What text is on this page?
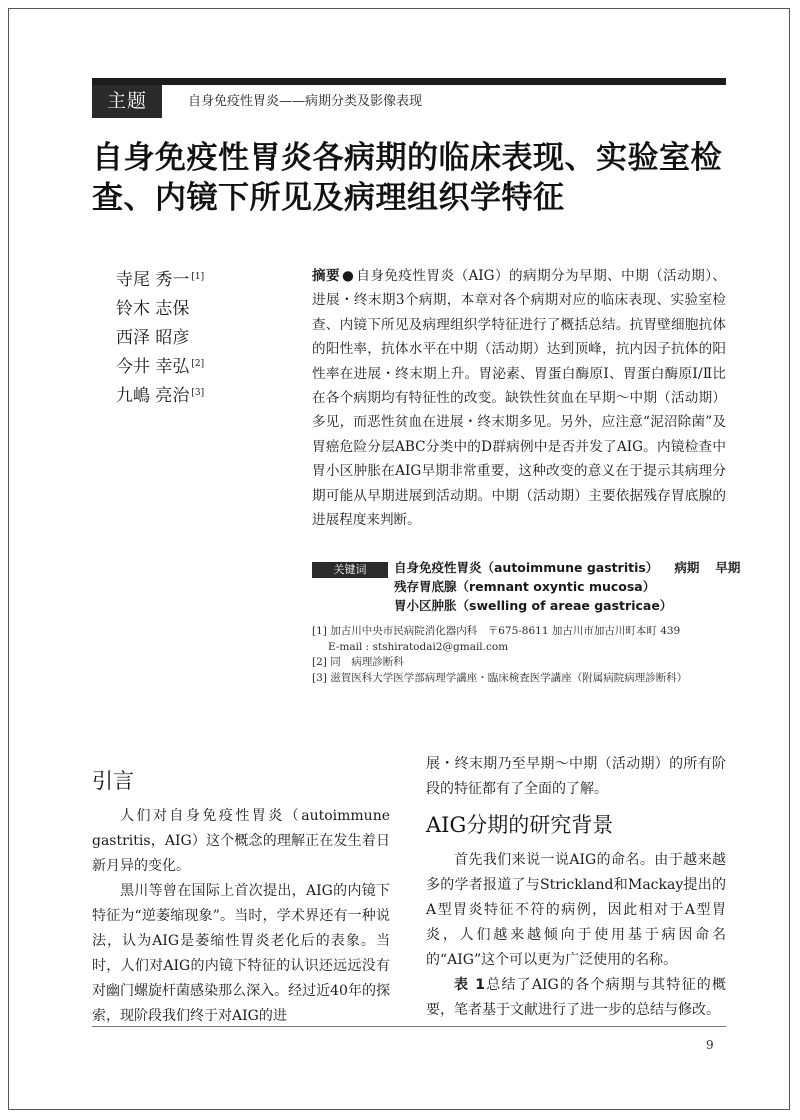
主题	自身免疫性胃炎——病期分类及影像表现
自身免疫性胃炎各病期的临床表现、实验室检查、内镜下所见及病理组织学特征
寺尾 秀一 [1]
铃木 志保
西泽 昭彦
今井 幸弘 [2]
九嶋 亮治 [3]
摘要 ● 自身免疫性胃炎（AIG）的病期分为早期、中期（活动期）、进展・终末期3个病期，本章对各个病期对应的临床表现、实验室检查、内镜下所见及病理组织学特征进行了概括总结。抗胃壁细胞抗体的阳性率，抗体水平在中期（活动期）达到顶峰，抗内因子抗体的阳性率在进展・终末期上升。胃泌素、胃蛋白酶原Ⅰ、胃蛋白酶原Ⅰ/Ⅱ比在各个病期均有特征性的改变。缺铁性贫血在早期～中期（活动期）多见，而恶性贫血在进展・终末期多见。另外，应注意“泥沼除菌”及胃癌危险分层ABC分类中的D群病例中是否并发了AIG。内镜检查中胃小区肿胀在AIG早期非常重要，这种改变的意义在于提示其病理分期可能从早期进展到活动期。中期（活动期）主要依据残存胃底腺的进展程度来判断。
关键词	自身免疫性胃炎（autoimmune gastritis） 病期 早期
残存胃底腺（remnant oxyntic mucosa）
胃小区肿胀（swelling of areae gastricae）
[1] 加古川中央市民病院消化器内科　〒675-8611 加古川市加古川町本町 439
E-mail : stshiratodai2@gmail.com
[2] 同　病理診断科
[3] 滋賀医科大学医学部病理学講座・臨床検査医学講座（附属病院病理診断科）
引言

人们对自身免疫性胃炎（autoimmune gastritis，AIG）这个概念的理解正在发生着日新月异的变化。

黑川等曾在国际上首次提出，AIG的内镜下特征为“逆萎缩现象”。当时，学术界还有一种说法，认为AIG是萎缩性胃炎老化后的表象。当时，人们对AIG的内镜下特征的认识还远远没有对幽门螺旋杆菌感染那么深入。经过近40年的探索，现阶段我们终于对AIG的进

展・终末期乃至早期～中期（活动期）的所有阶段的特征都有了全面的了解。

AIG分期的研究背景

首先我们来说一说AIG的命名。由于越来越多的学者报道了与Strickland和Mackay提出的A型胃炎特征不符的病例，因此相对于A型胃炎，人们越来越倾向于使用基于病因命名的“AIG”这个可以更为广泛使用的名称。

表 1总结了AIG的各个病期与其特征的概要，笔者基于文献进行了进一步的总结与修改。

9
